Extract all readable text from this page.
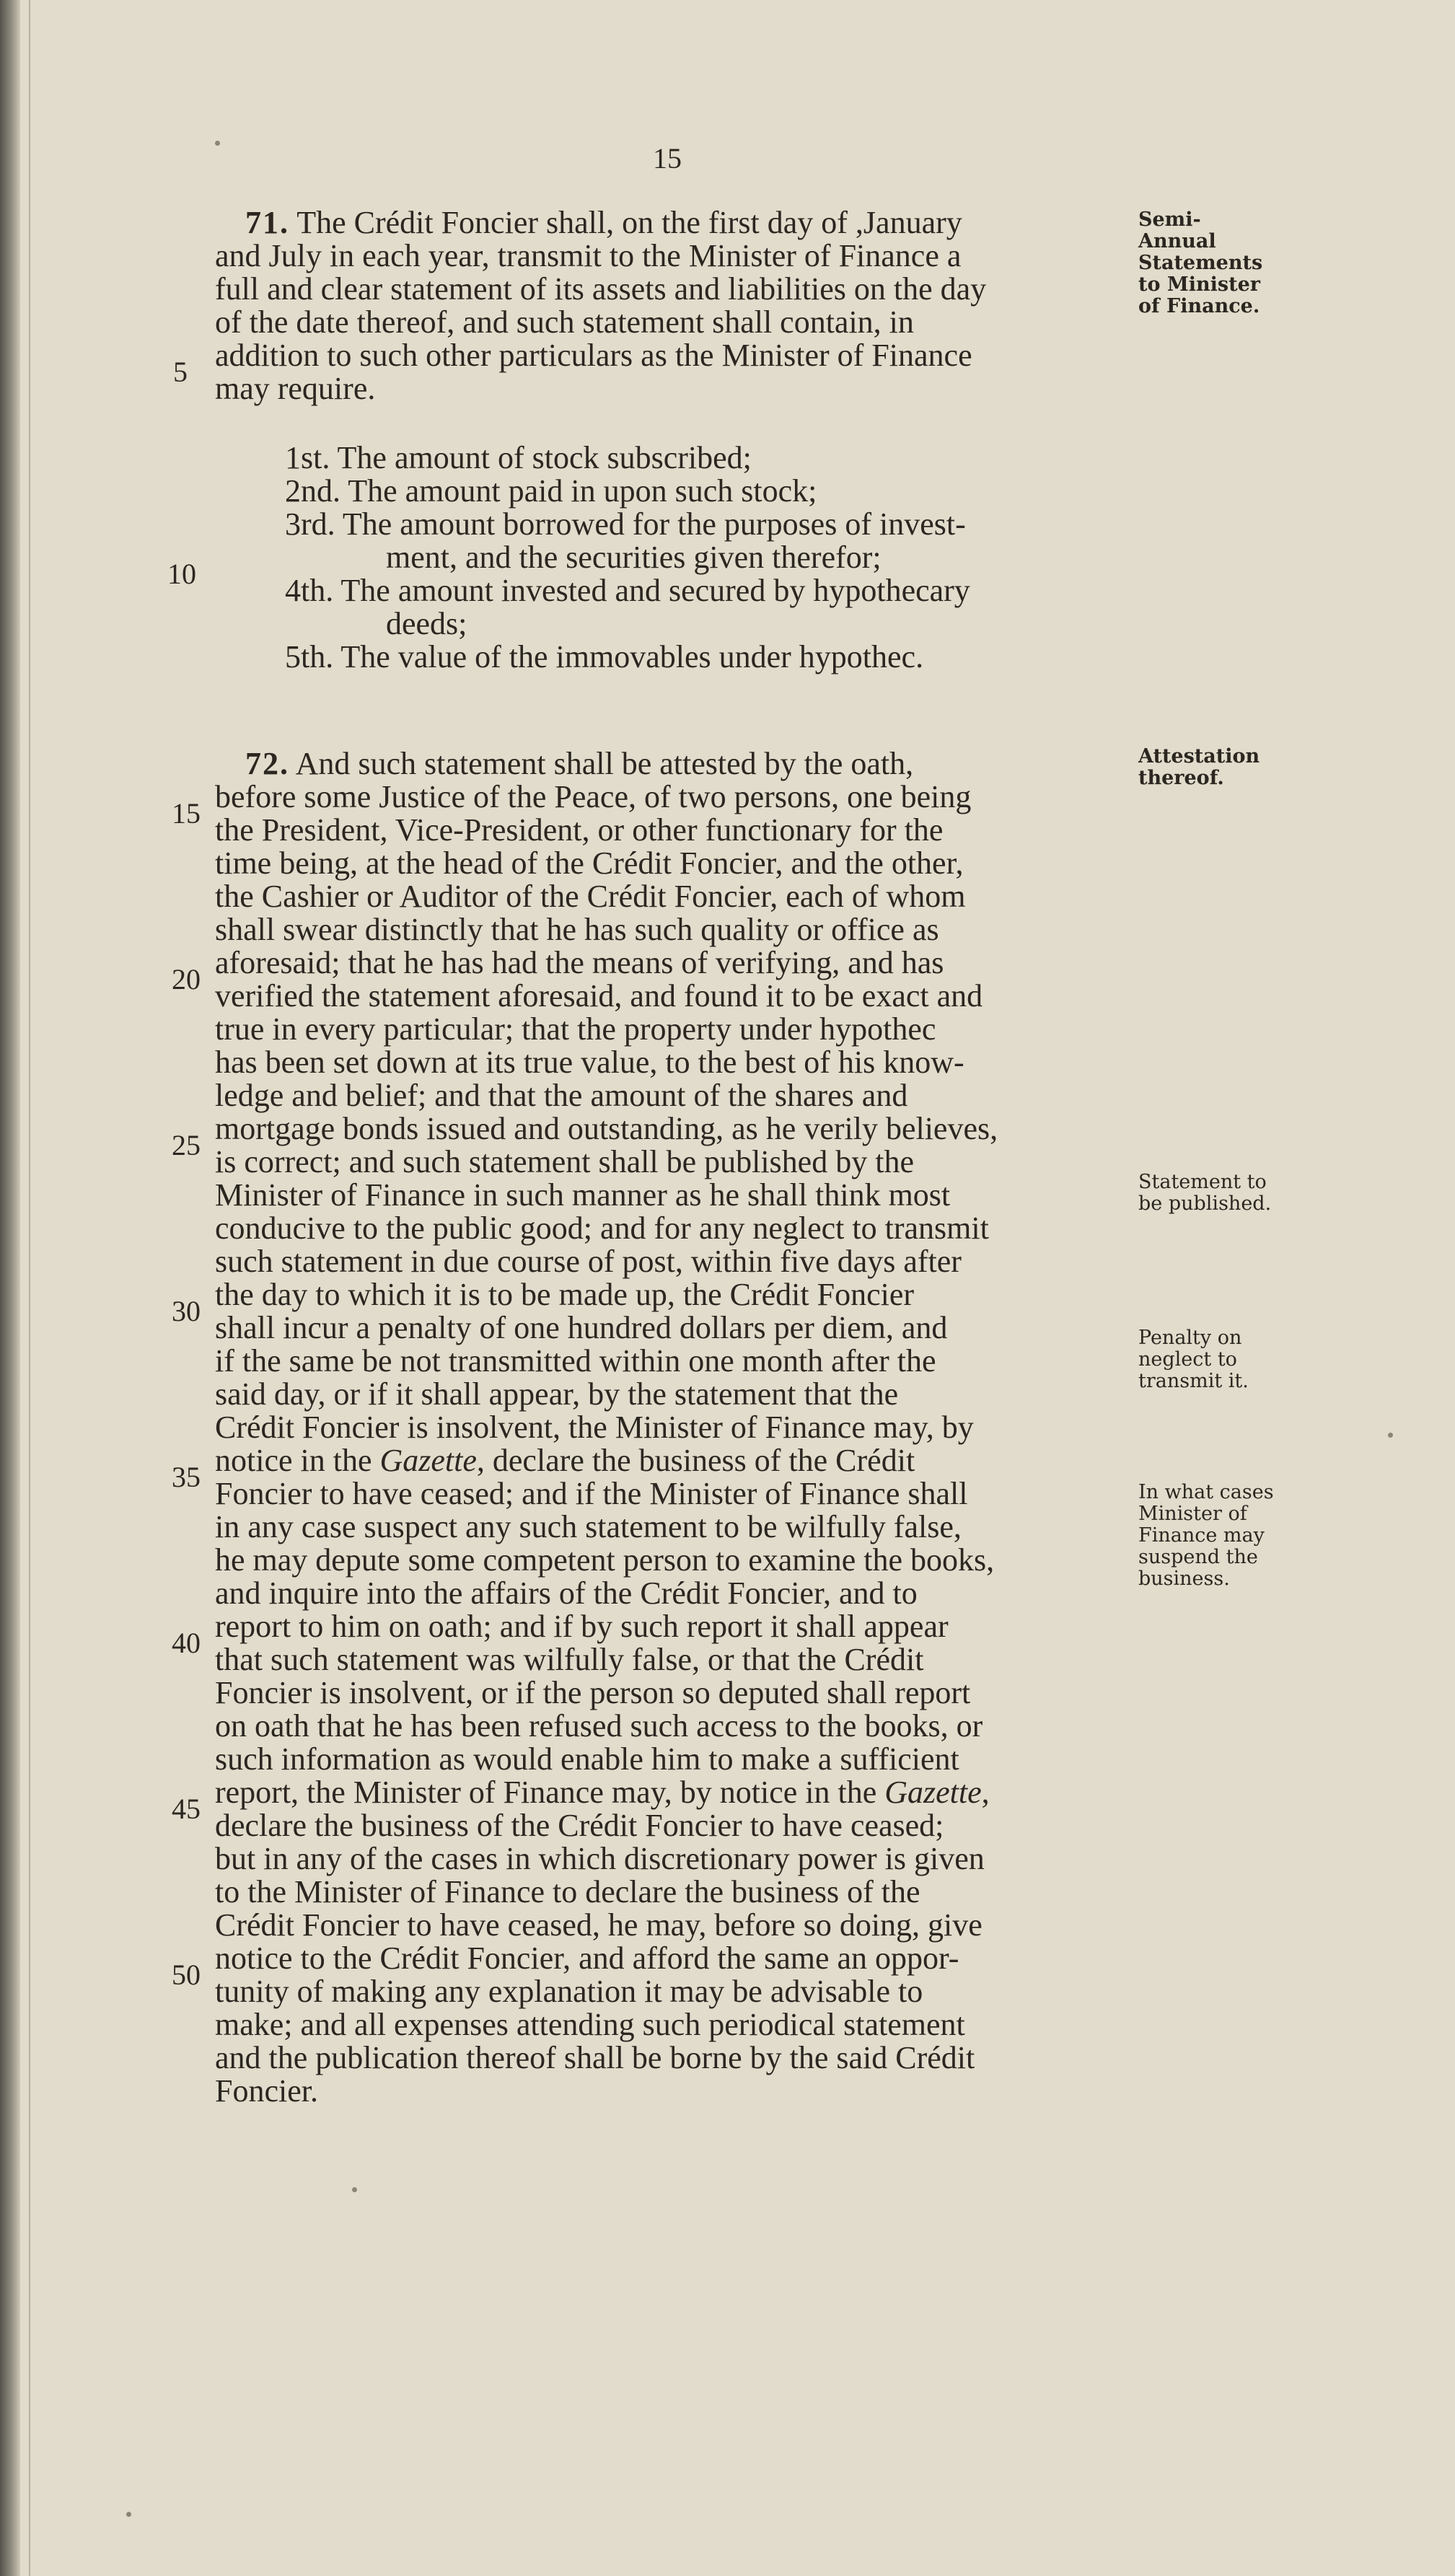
15
71. The Crédit Foncier shall, on the first day of ,January
and July in each year, transmit to the Minister of Finance a
full and clear statement of its assets and liabilities on the day
of the date thereof, and such statement shall contain, in
addition to such other particulars as the Minister of Finance
may require.
1st. The amount of stock subscribed;
2nd. The amount paid in upon such stock;
3rd. The amount borrowed for the purposes of invest-
ment, and the securities given therefor;
4th. The amount invested and secured by hypothecary
deeds;
5th. The value of the immovables under hypothec.
72. And such statement shall be attested by the oath,
before some Justice of the Peace, of two persons, one being
the President, Vice-President, or other functionary for the
time being, at the head of the Crédit Foncier, and the other,
the Cashier or Auditor of the Crédit Foncier, each of whom
shall swear distinctly that he has such quality or office as
aforesaid; that he has had the means of verifying, and has
verified the statement aforesaid, and found it to be exact and
true in every particular; that the property under hypothec
has been set down at its true value, to the best of his know-
ledge and belief; and that the amount of the shares and
mortgage bonds issued and outstanding, as he verily believes,
is correct; and such statement shall be published by the
Minister of Finance in such manner as he shall think most
conducive to the public good; and for any neglect to transmit
such statement in due course of post, within five days after
the day to which it is to be made up, the Crédit Foncier
shall incur a penalty of one hundred dollars per diem, and
if the same be not transmitted within one month after the
said day, or if it shall appear, by the statement that the
Crédit Foncier is insolvent, the Minister of Finance may, by
notice in the Gazette, declare the business of the Crédit
Foncier to have ceased; and if the Minister of Finance shall
in any case suspect any such statement to be wilfully false,
he may depute some competent person to examine the books,
and inquire into the affairs of the Crédit Foncier, and to
report to him on oath; and if by such report it shall appear
that such statement was wilfully false, or that the Crédit
Foncier is insolvent, or if the person so deputed shall report
on oath that he has been refused such access to the books, or
such information as would enable him to make a sufficient
report, the Minister of Finance may, by notice in the Gazette,
declare the business of the Crédit Foncier to have ceased;
but in any of the cases in which discretionary power is given
to the Minister of Finance to declare the business of the
Crédit Foncier to have ceased, he may, before so doing, give
notice to the Crédit Foncier, and afford the same an oppor-
tunity of making any explanation it may be advisable to
make; and all expenses attending such periodical statement
and the publication thereof shall be borne by the said Crédit
Foncier.
5
10
15
20
25
30
35
40
45
50
Semi-Annual Statements to Minister of Finance.
Attestation thereof.
Statement to be published.
Penalty on neglect to transmit it.
In what cases Minister of Finance may suspend the business.
